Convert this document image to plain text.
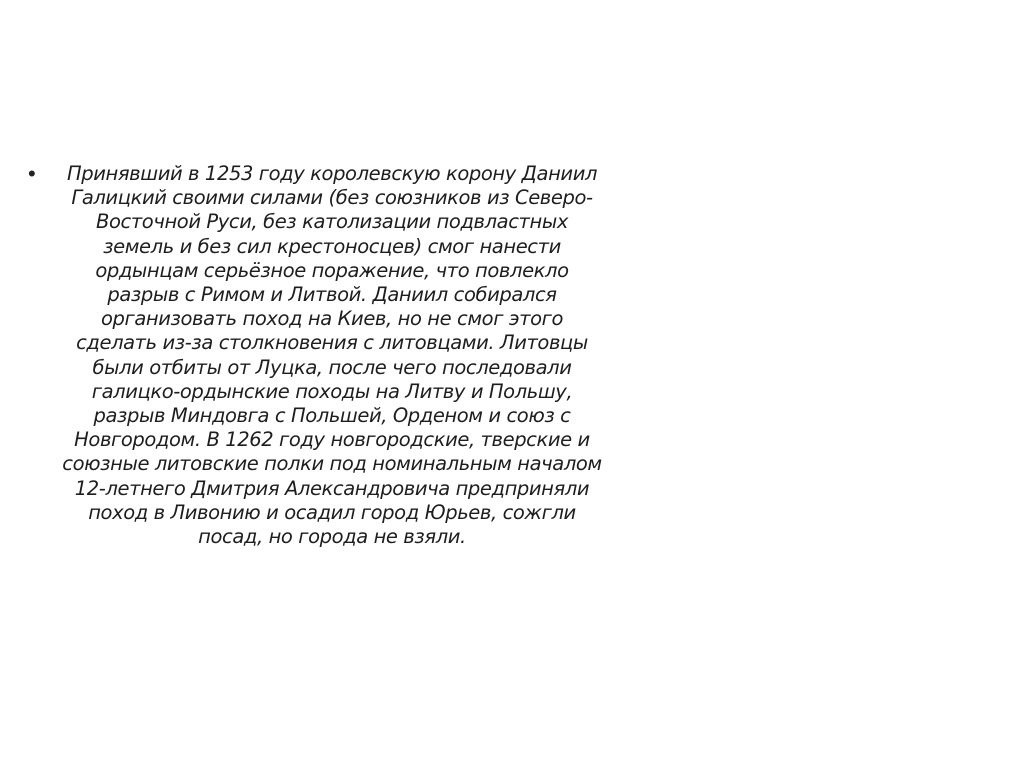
•	Принявший в 1253 году королевскую корону Даниил Галицкий своими силами (без союзников из Северо-Восточной Руси, без католизации подвластных земель и без сил крестоносцев) смог нанести ордынцам серьёзное поражение, что повлекло разрыв с Римом и Литвой. Даниил собирался организовать поход на Киев, но не смог этого сделать из-за столкновения с литовцами. Литовцы были отбиты от Луцка, после чего последовали галицко-ордынские походы на Литву и Польшу, разрыв Миндовга с Польшей, Орденом и союз с Новгородом. В 1262 году новгородские, тверские и союзные литовские полки под номинальным началом 12-летнего Дмитрия Александровича предприняли поход в Ливонию и осадил город Юрьев, сожгли посад, но города не взяли.
